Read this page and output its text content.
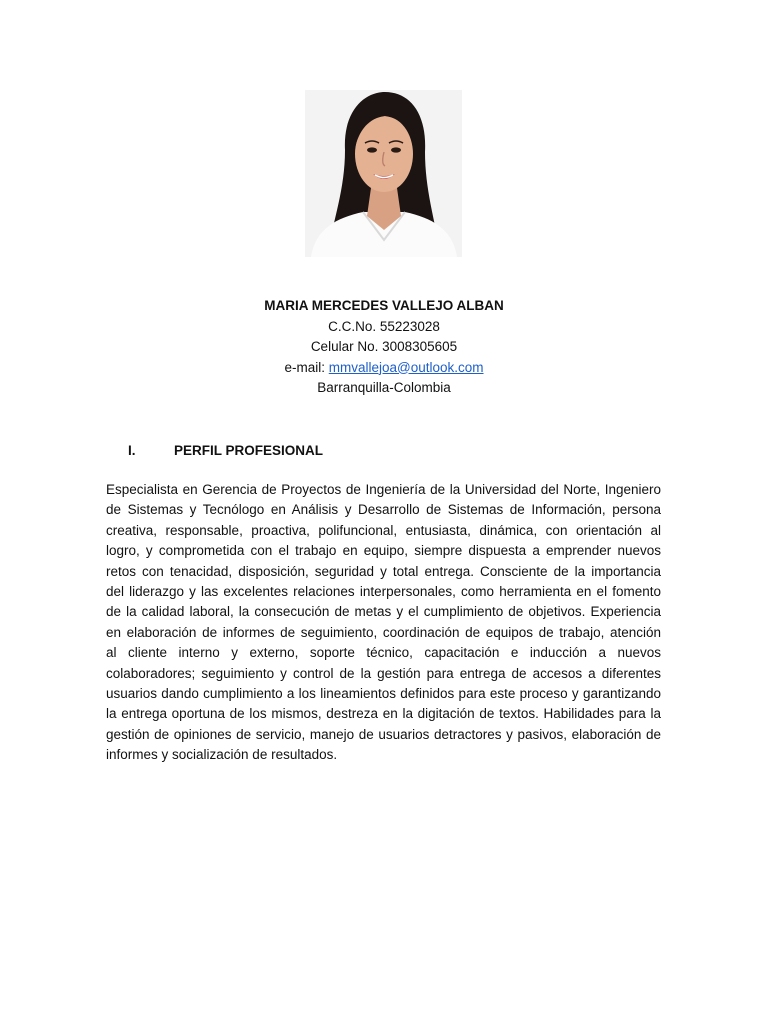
MARIA MERCEDES VALLEJO ALBAN
C.C.No. 55223028
Celular No. 3008305605
e-mail: mmvallejoa@outlook.com
Barranquilla-Colombia
I.	PERFIL PROFESIONAL
Especialista en Gerencia de Proyectos de Ingeniería de la Universidad del Norte, Ingeniero
de Sistemas y Tecnólogo en Análisis y Desarrollo de Sistemas de Información, persona
creativa, responsable, proactiva, polifuncional, entusiasta, dinámica, con orientación al
logro, y comprometida con el trabajo en equipo, siempre dispuesta a emprender nuevos
retos con tenacidad, disposición, seguridad y total entrega. Consciente de la importancia
del liderazgo y las excelentes relaciones interpersonales, como herramienta en el fomento
de la calidad laboral, la consecución de metas y el cumplimiento de objetivos. Experiencia
en elaboración de informes de seguimiento, coordinación de equipos de trabajo, atención
al cliente interno y externo, soporte técnico, capacitación e inducción a nuevos
colaboradores; seguimiento y control de la gestión para entrega de accesos a diferentes
usuarios dando cumplimiento a los lineamientos definidos para este proceso y garantizando
la entrega oportuna de los mismos, destreza en la digitación de textos. Habilidades para la
gestión de opiniones de servicio, manejo de usuarios detractores y pasivos, elaboración de
informes y socialización de resultados.
